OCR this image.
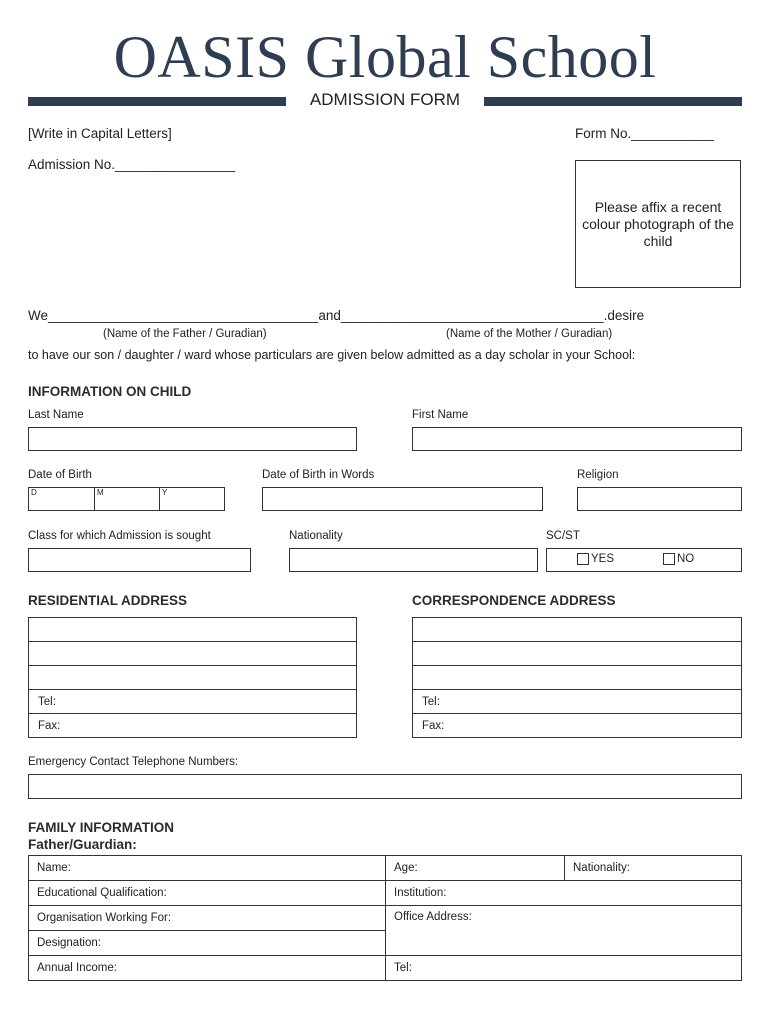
OASIS Global School
ADMISSION FORM
[Write in Capital Letters]	Form No.___________
Admission No.________________
Please affix a recent colour photograph of the child
We____________________________________and___________________________________.desire
(Name of the Father / Guradian)	(Name of the Mother / Guradian)
to have our son / daughter / ward whose particulars are given below admitted as a day scholar in your School:
INFORMATION ON CHILD
Last Name	First Name
Date of Birth	Date of Birth in Words	Religion
D	M	Y
Class for which Admission is sought	Nationality	SC/ST
YES	NO
RESIDENTIAL ADDRESS	CORRESPONDENCE ADDRESS
Tel:
Fax:
Tel:
Fax:
Emergency Contact Telephone Numbers:
FAMILY INFORMATION
Father/Guardian:
Name:	Age:	Nationality:
Educational Qualification:	Institution:	
Organisation Working For:	Office Address:	
Designation:		
Annual Income:	Tel:	
